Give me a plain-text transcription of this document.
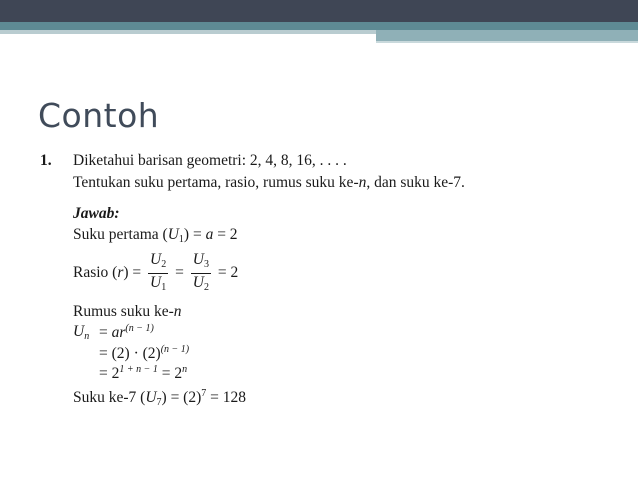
Contoh
1. Diketahui barisan geometri: 2, 4, 8, 16, . . . .
Tentukan suku pertama, rasio, rumus suku ke-n, dan suku ke-7.
Jawab:
Suku pertama $(U_1) = a = 2$
Rasio $(r) = \frac{U_2}{U_1} = \frac{U_3}{U_2} = 2$
Rumus suku ke-n
$U_n = ar^{(n - 1)}$
= $(2) \cdot (2)^{(n - 1)}$
= $2^{1 + n - 1} = 2^n$
Suku ke-7 $(U_7) = (2)^7 = 128$
